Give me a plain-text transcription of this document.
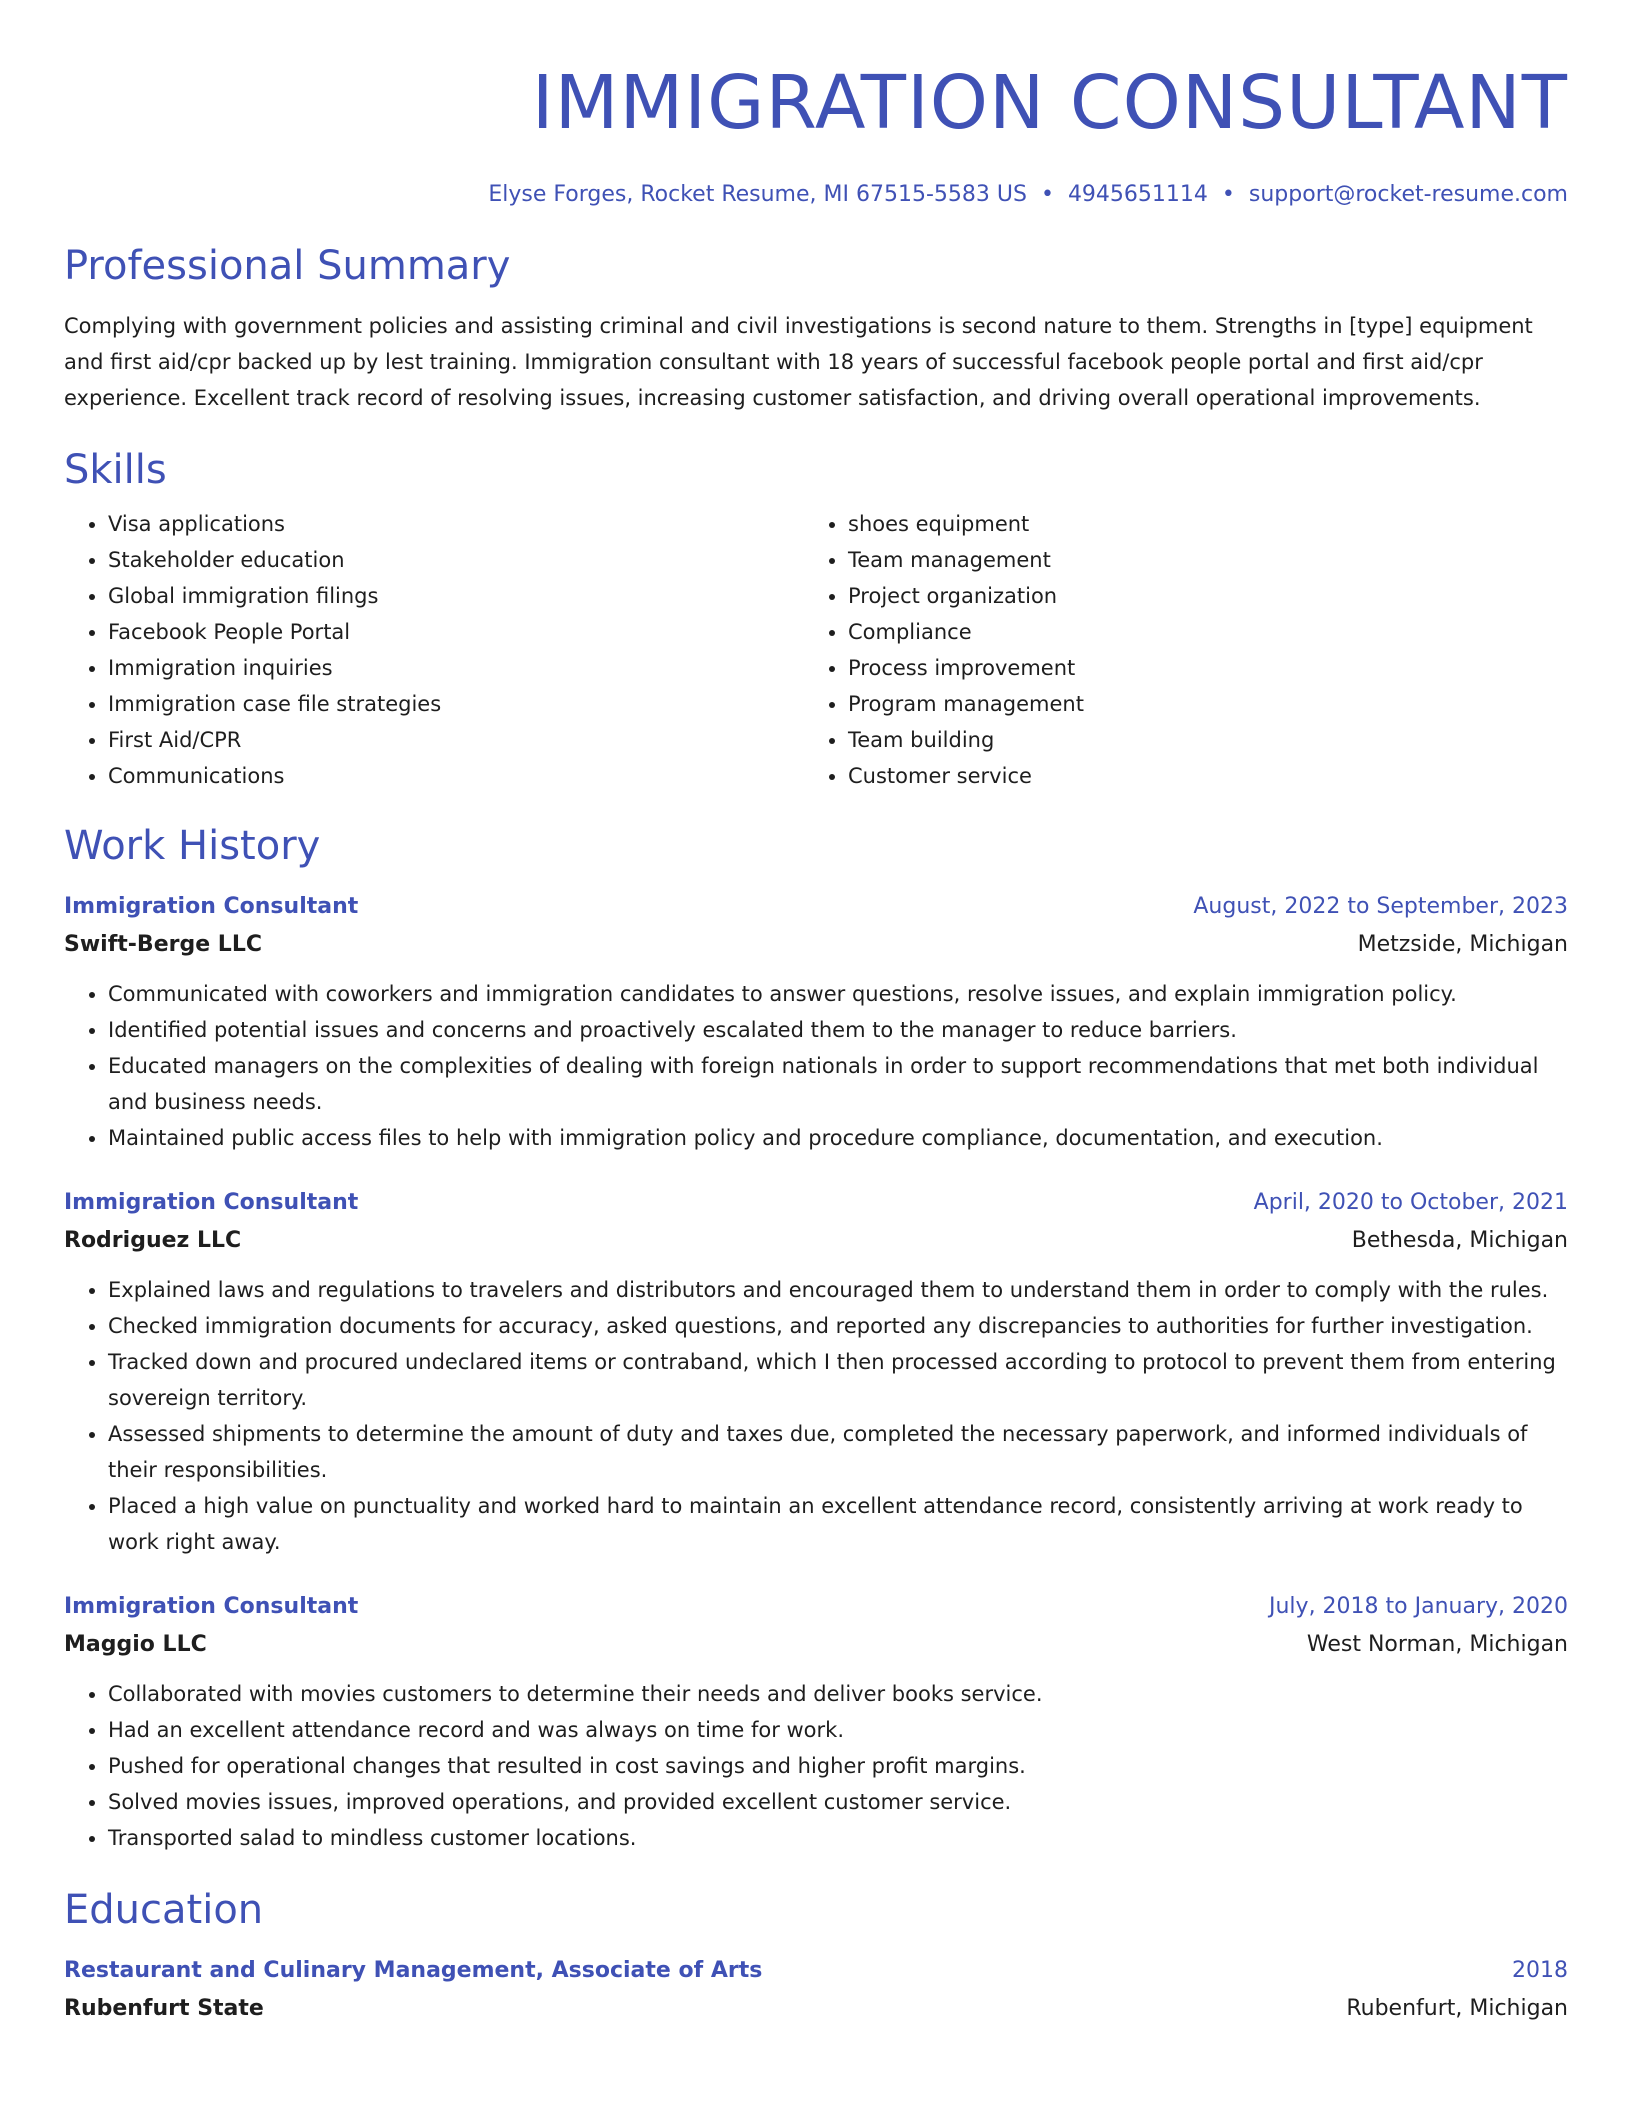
IMMIGRATION CONSULTANT
Elyse Forges, Rocket Resume, MI 67515-5583 US • 4945651114 • support@rocket-resume.com
Professional Summary

Complying with government policies and assisting criminal and civil investigations is second nature to them. Strengths in [type] equipment and first aid/cpr backed up by lest training. Immigration consultant with 18 years of successful facebook people portal and first aid/cpr experience. Excellent track record of resolving issues, increasing customer satisfaction, and driving overall operational improvements.

Skills
• Visa applications
• Stakeholder education
• Global immigration filings
• Facebook People Portal
• Immigration inquiries
• Immigration case file strategies
• First Aid/CPR
• Communications
• shoes equipment
• Team management
• Project organization
• Compliance
• Process improvement
• Program management
• Team building
• Customer service
Work History
Immigration Consultant	August, 2022 to September, 2023
Swift-Berge LLC	Metzside, Michigan
• Communicated with coworkers and immigration candidates to answer questions, resolve issues, and explain immigration policy.
• Identified potential issues and concerns and proactively escalated them to the manager to reduce barriers.
• Educated managers on the complexities of dealing with foreign nationals in order to support recommendations that met both individual and business needs.
• Maintained public access files to help with immigration policy and procedure compliance, documentation, and execution.
Immigration Consultant	April, 2020 to October, 2021
Rodriguez LLC	Bethesda, Michigan
• Explained laws and regulations to travelers and distributors and encouraged them to understand them in order to comply with the rules.
• Checked immigration documents for accuracy, asked questions, and reported any discrepancies to authorities for further investigation.
• Tracked down and procured undeclared items or contraband, which I then processed according to protocol to prevent them from entering sovereign territory.
• Assessed shipments to determine the amount of duty and taxes due, completed the necessary paperwork, and informed individuals of their responsibilities.
• Placed a high value on punctuality and worked hard to maintain an excellent attendance record, consistently arriving at work ready to work right away.
Immigration Consultant	July, 2018 to January, 2020
Maggio LLC	West Norman, Michigan
• Collaborated with movies customers to determine their needs and deliver books service.
• Had an excellent attendance record and was always on time for work.
• Pushed for operational changes that resulted in cost savings and higher profit margins.
• Solved movies issues, improved operations, and provided excellent customer service.
• Transported salad to mindless customer locations.
Education
Restaurant and Culinary Management, Associate of Arts	2018
Rubenfurt State	Rubenfurt, Michigan
